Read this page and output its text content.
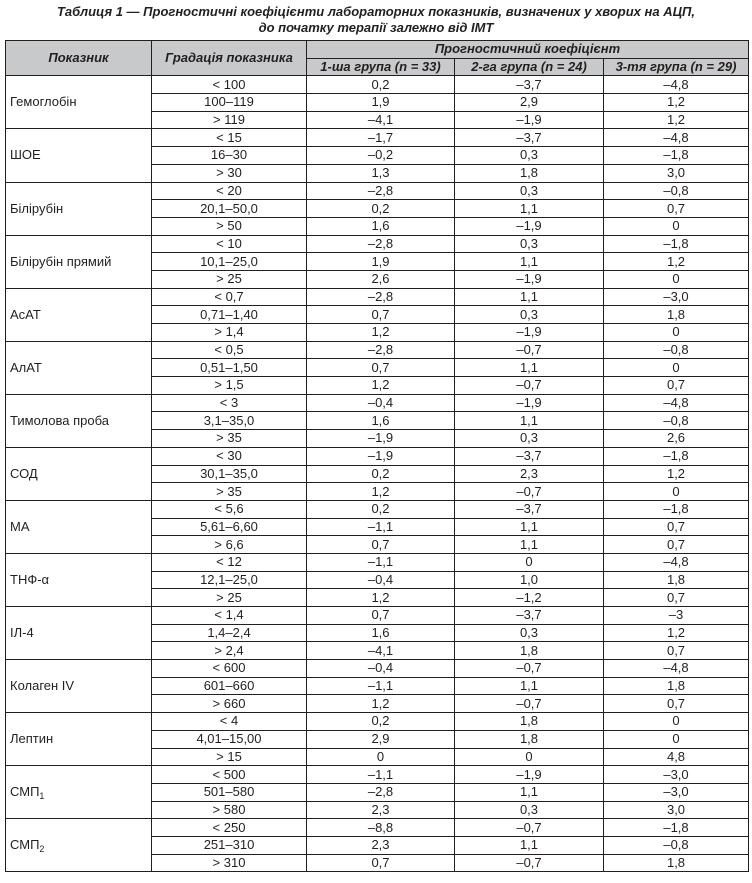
Таблиця 1 — Прогностичні коефіцієнти лабораторних показників, визначених у хворих на АЦП,
до початку терапії залежно від ІМТ
Показник	Градація показника	Прогностичний коефіцієнт		
		1-ша група (n = 33)	2-га група (n = 24)	3-тя група (n = 29)
Гемоглобін	< 100	0,2	–3,7	–4,8
	100–119	1,9	2,9	1,2
	> 119	–4,1	–1,9	1,2
ШОЕ	< 15	–1,7	–3,7	–4,8
	16–30	–0,2	0,3	–1,8
	> 30	1,3	1,8	3,0
Білірубін	< 20	–2,8	0,3	–0,8
	20,1–50,0	0,2	1,1	0,7
	> 50	1,6	–1,9	0
Білірубін прямий	< 10	–2,8	0,3	–1,8
	10,1–25,0	1,9	1,1	1,2
	> 25	2,6	–1,9	0
АсАТ	< 0,7	–2,8	1,1	–3,0
	0,71–1,40	0,7	0,3	1,8
	> 1,4	1,2	–1,9	0
АлАТ	< 0,5	–2,8	–0,7	–0,8
	0,51–1,50	0,7	1,1	0
	> 1,5	1,2	–0,7	0,7
Тимолова проба	< 3	–0,4	–1,9	–4,8
	3,1–35,0	1,6	1,1	–0,8
	> 35	–1,9	0,3	2,6
СОД	< 30	–1,9	–3,7	–1,8
	30,1–35,0	0,2	2,3	1,2
	> 35	1,2	–0,7	0
МА	< 5,6	0,2	–3,7	–1,8
	5,61–6,60	–1,1	1,1	0,7
	> 6,6	0,7	1,1	0,7
ТНФ-α	< 12	–1,1	0	–4,8
	12,1–25,0	–0,4	1,0	1,8
	> 25	1,2	–1,2	0,7
ІЛ-4	< 1,4	0,7	–3,7	–3
	1,4–2,4	1,6	0,3	1,2
	> 2,4	–4,1	1,8	0,7
Колаген IV	< 600	–0,4	–0,7	–4,8
	601–660	–1,1	1,1	1,8
	> 660	1,2	–0,7	0,7
Лептин	< 4	0,2	1,8	0
	4,01–15,00	2,9	1,8	0
	> 15	0	0	4,8
$СМП_1$	< 500	–1,1	–1,9	–3,0
	501–580	–2,8	1,1	–3,0
	> 580	2,3	0,3	3,0
$СМП_2$	< 250	–8,8	–0,7	–1,8
	251–310	2,3	1,1	–0,8
	> 310	0,7	–0,7	1,8
